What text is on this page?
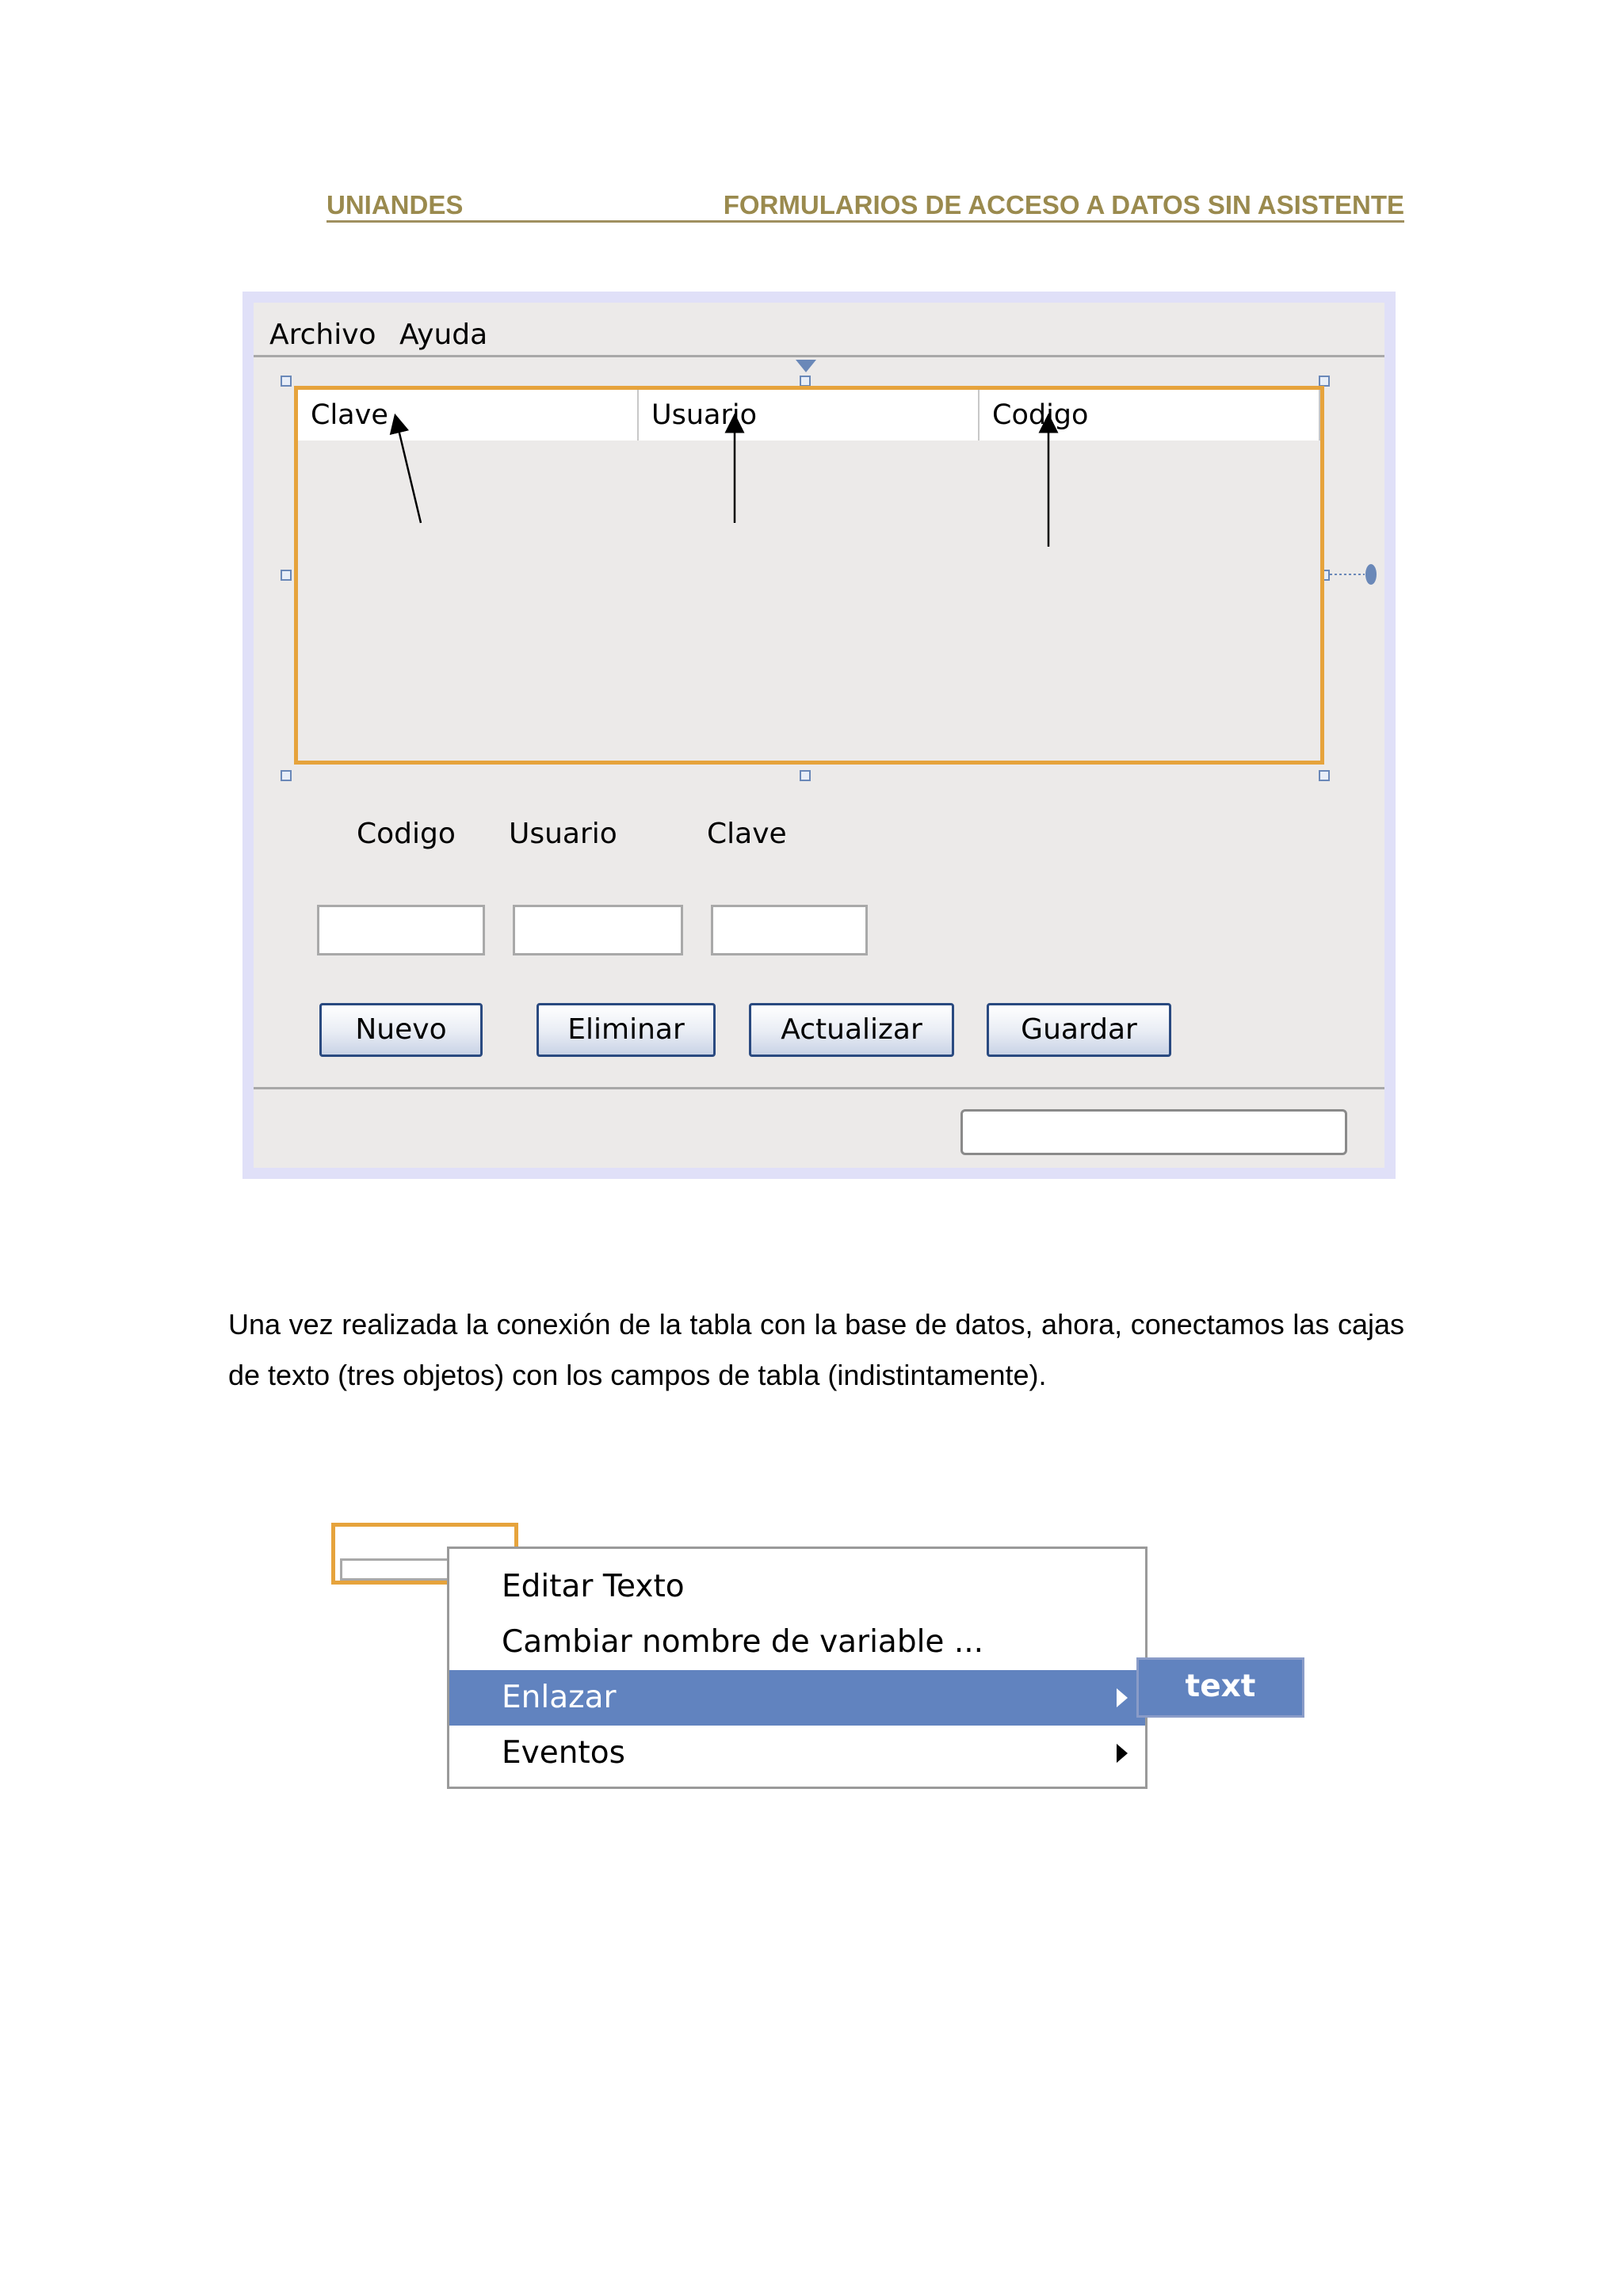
UNIANDES	FORMULARIOS DE ACCESO A DATOS SIN ASISTENTE
Archivo Ayuda
Clave	Usuario	Codigo
Codigo Usuario	Clave
Nuevo	Eliminar	Actualizar	Guardar

Una vez realizada la conexión de la tabla con la base de datos, ahora, conectamos las cajas de texto (tres objetos) con los campos de tabla (indistintamente).

Editar Texto
Cambiar nombre de variable ...
Enlazar
Eventos
text
